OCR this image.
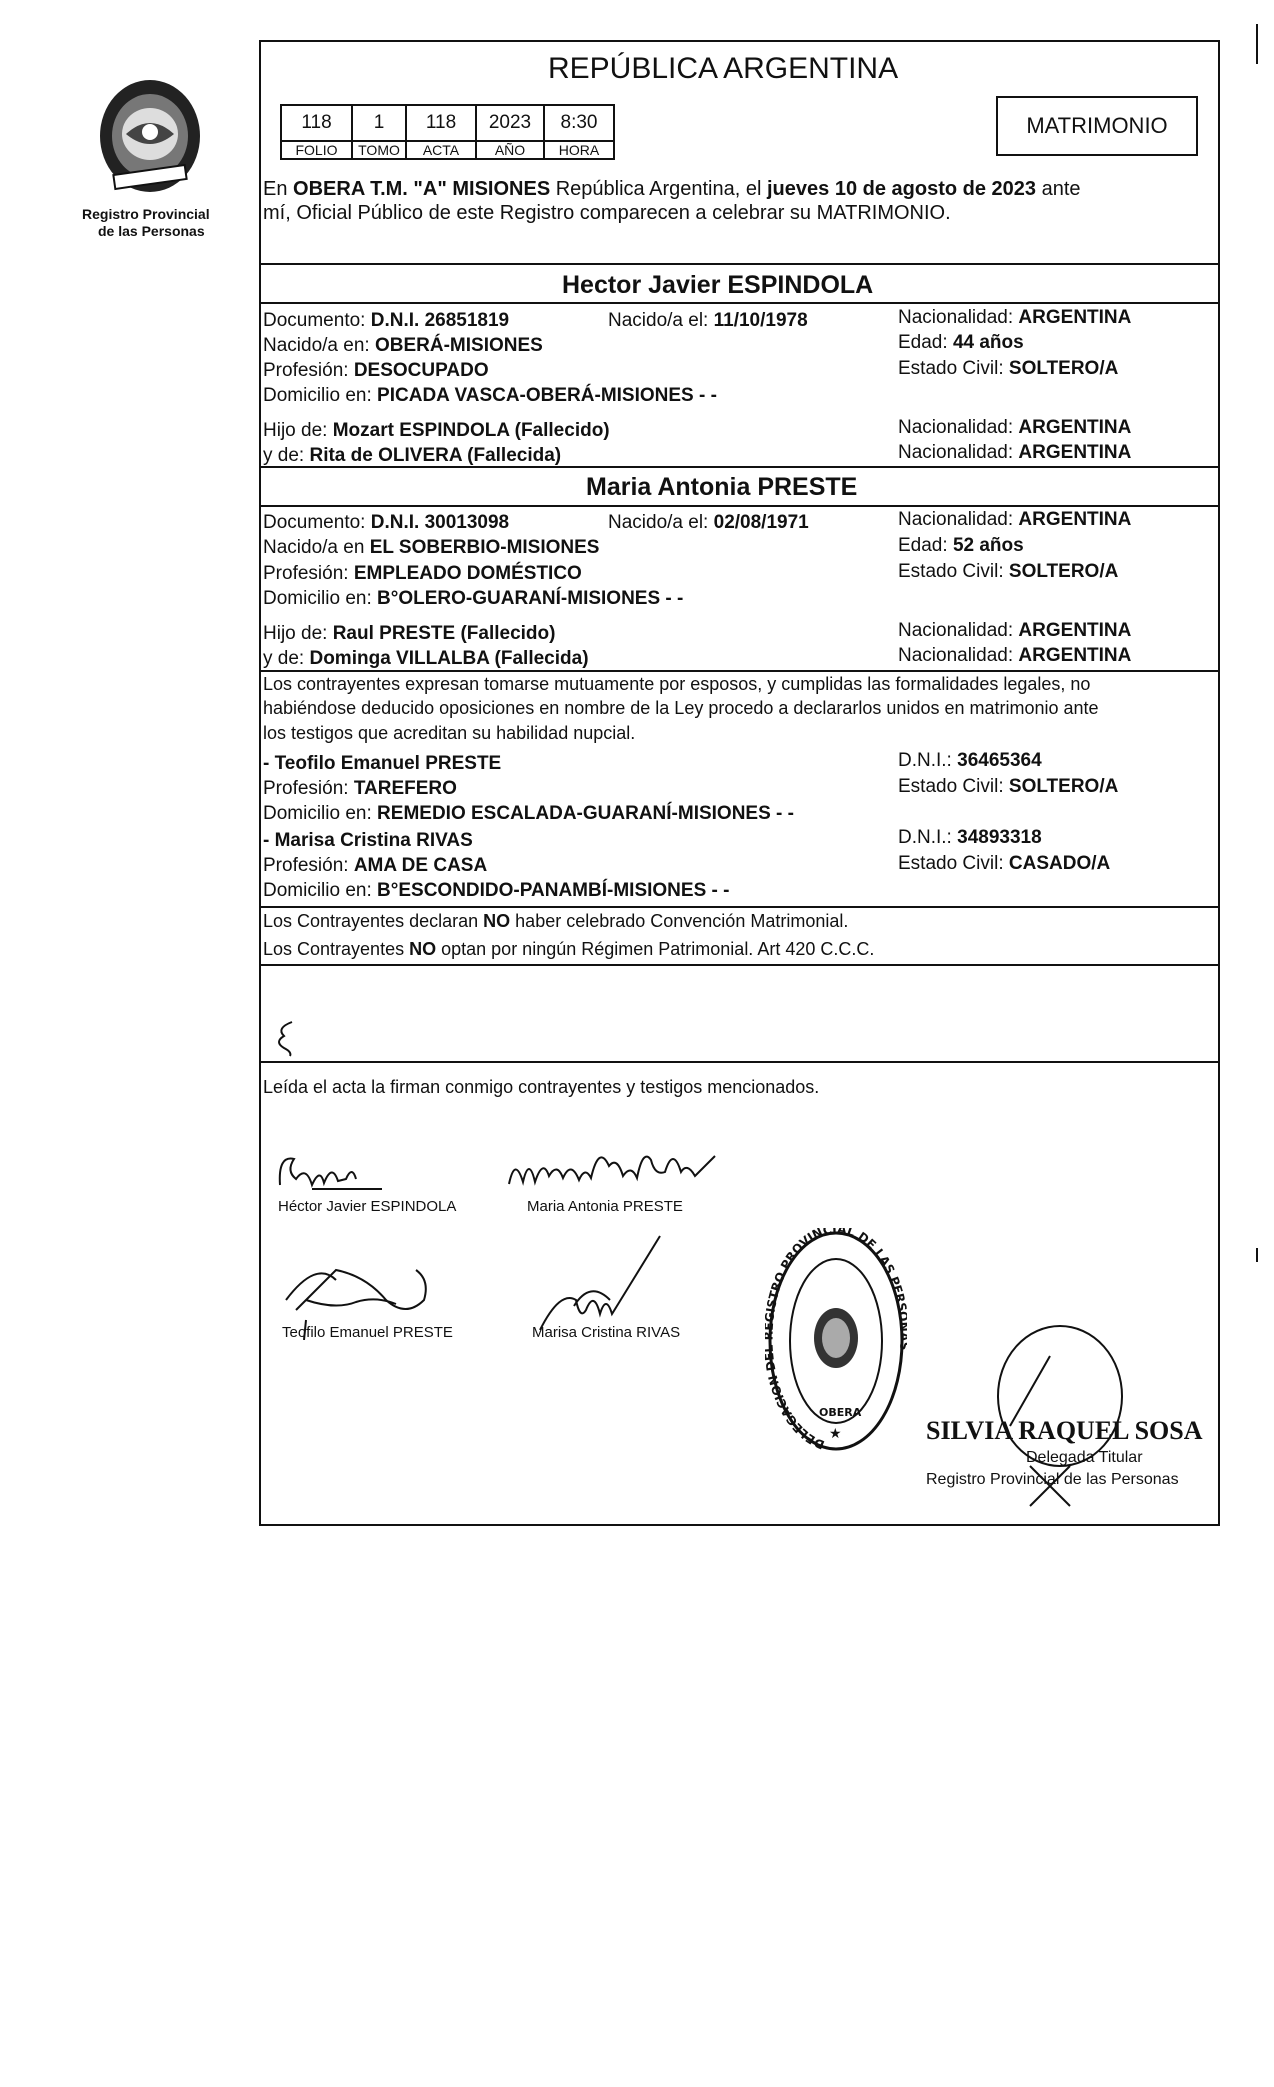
Registro Provincial
de las Personas
REPÚBLICA ARGENTINA
118	1	118	2023	8:30
FOLIO	TOMO	ACTA	AÑO	HORA
MATRIMONIO
En OBERA T.M. "A" MISIONES República Argentina, el jueves 10 de agosto de 2023 ante
mí, Oficial Público de este Registro comparecen a celebrar su MATRIMONIO.
Hector Javier ESPINDOLA
Documento: D.N.I. 26851819	Nacido/a el: 11/10/1978	Nacionalidad: ARGENTINA
Nacido/a en: OBERÁ-MISIONES	Edad: 44 años
Profesión: DESOCUPADO	Estado Civil: SOLTERO/A
Domicilio en: PICADA VASCA-OBERÁ-MISIONES - -
Hijo de: Mozart ESPINDOLA (Fallecido)	Nacionalidad: ARGENTINA
y de: Rita de OLIVERA (Fallecida)	Nacionalidad: ARGENTINA
Maria Antonia PRESTE
Documento: D.N.I. 30013098	Nacido/a el: 02/08/1971	Nacionalidad: ARGENTINA
Nacido/a en EL SOBERBIO-MISIONES	Edad: 52 años
Profesión: EMPLEADO DOMÉSTICO	Estado Civil: SOLTERO/A
Domicilio en: B°OLERO-GUARANÍ-MISIONES - -
Hijo de: Raul PRESTE (Fallecido)	Nacionalidad: ARGENTINA
y de: Dominga VILLALBA (Fallecida)	Nacionalidad: ARGENTINA
Los contrayentes expresan tomarse mutuamente por esposos, y cumplidas las formalidades legales, no
habiéndose deducido oposiciones en nombre de la Ley procedo a declararlos unidos en matrimonio ante
los testigos que acreditan su habilidad nupcial.
- Teofilo Emanuel PRESTE	D.N.I.: 36465364
Profesión: TAREFERO	Estado Civil: SOLTERO/A
Domicilio en: REMEDIO ESCALADA-GUARANÍ-MISIONES - -
- Marisa Cristina RIVAS	D.N.I.: 34893318
Profesión: AMA DE CASA	Estado Civil: CASADO/A
Domicilio en: B°ESCONDIDO-PANAMBÍ-MISIONES - -
Los Contrayentes declaran NO haber celebrado Convención Matrimonial.
Los Contrayentes NO optan por ningún Régimen Patrimonial. Art 420 C.C.C.
Leída el acta la firman conmigo contrayentes y testigos mencionados.
Héctor Javier ESPINDOLA	Maria Antonia PRESTE
Teofilo Emanuel PRESTE	Marisa Cristina RIVAS
DELEGACION STRO PROVINCIAL DE LAS PER
OBERA
★	SILVIA RAQUEL SOSA
Delegada Titular
Registro Provincial de las Personas
